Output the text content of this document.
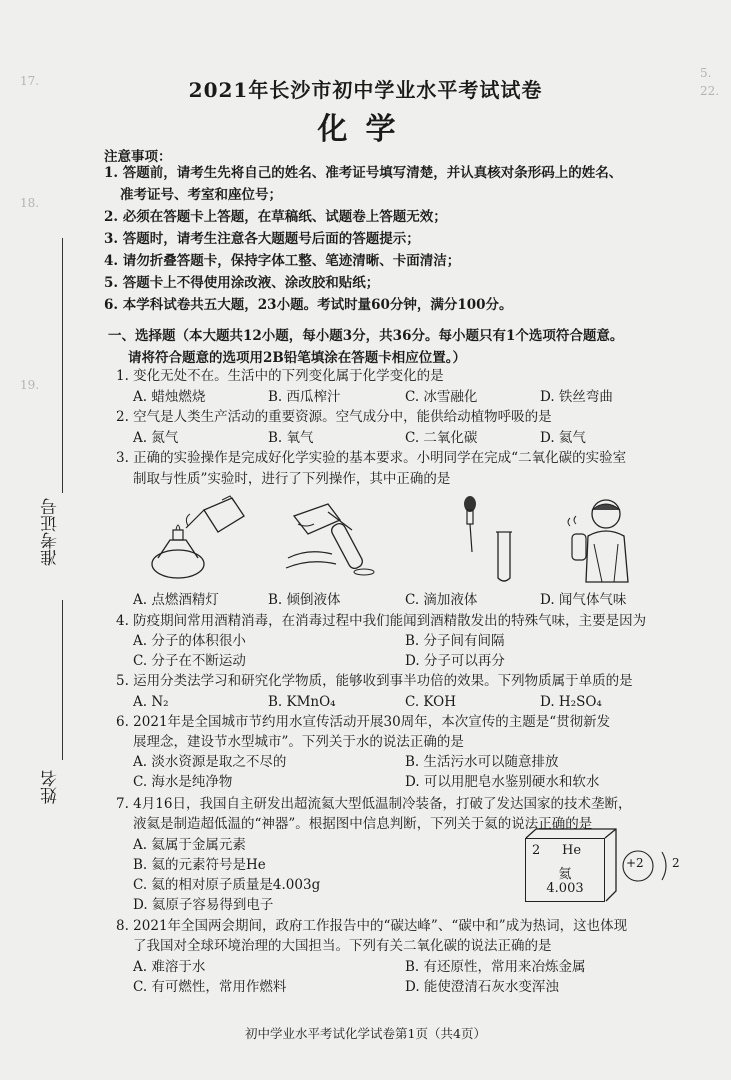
5.
22.
17.
18.
19.
2021年长沙市初中学业水平考试试卷
化学
注意事项：
1. 答题前，请考生先将自己的姓名、准考证号填写清楚，并认真核对条形码上的姓名、
准考证号、考室和座位号；
2. 必须在答题卡上答题，在草稿纸、试题卷上答题无效；
3. 答题时，请考生注意各大题题号后面的答题提示；
4. 请勿折叠答题卡，保持字体工整、笔迹清晰、卡面清洁；
5. 答题卡上不得使用涂改液、涂改胶和贴纸；
6. 本学科试卷共五大题，23小题。考试时量60分钟，满分100分。
一、选择题（本大题共12小题，每小题3分，共36分。每小题只有1个选项符合题意。
请将符合题意的选项用2B铅笔填涂在答题卡相应位置。）
准考证号
姓名
1. 变化无处不在。生活中的下列变化属于化学变化的是
A. 蜡烛燃烧	B. 西瓜榨汁	C. 冰雪融化	D. 铁丝弯曲
2. 空气是人类生产活动的重要资源。空气成分中，能供给动植物呼吸的是
A. 氮气	B. 氧气	C. 二氧化碳	D. 氦气
3. 正确的实验操作是完成好化学实验的基本要求。小明同学在完成“二氧化碳的实验室
制取与性质”实验时，进行了下列操作，其中正确的是
A. 点燃酒精灯	B. 倾倒液体	C. 滴加液体	D. 闻气体气味
4. 防疫期间常用酒精消毒，在消毒过程中我们能闻到酒精散发出的特殊气味，主要是因为
A. 分子的体积很小	B. 分子间有间隔
C. 分子在不断运动	D. 分子可以再分
5. 运用分类法学习和研究化学物质，能够收到事半功倍的效果。下列物质属于单质的是
A. N₂	B. KMnO₄	C. KOH	D. H₂SO₄
6. 2021年是全国城市节约用水宣传活动开展30周年，本次宣传的主题是“贯彻新发
展理念，建设节水型城市”。下列关于水的说法正确的是
A. 淡水资源是取之不尽的	B. 生活污水可以随意排放
C. 海水是纯净物	D. 可以用肥皂水鉴别硬水和软水
7. 4月16日，我国自主研发出超流氦大型低温制冷装备，打破了发达国家的技术垄断，
液氦是制造超低温的“神器”。根据图中信息判断，下列关于氦的说法正确的是
A. 氦属于金属元素
B. 氦的元素符号是He
C. 氦的相对原子质量是4.003g
D. 氦原子容易得到电子
2 He
氦
4.003
+2 2
8. 2021年全国两会期间，政府工作报告中的“碳达峰”、“碳中和”成为热词，这也体现
了我国对全球环境治理的大国担当。下列有关二氧化碳的说法正确的是
A. 难溶于水	B. 有还原性，常用来冶炼金属
C. 有可燃性，常用作燃料	D. 能使澄清石灰水变浑浊
初中学业水平考试化学试卷第1页（共4页）
